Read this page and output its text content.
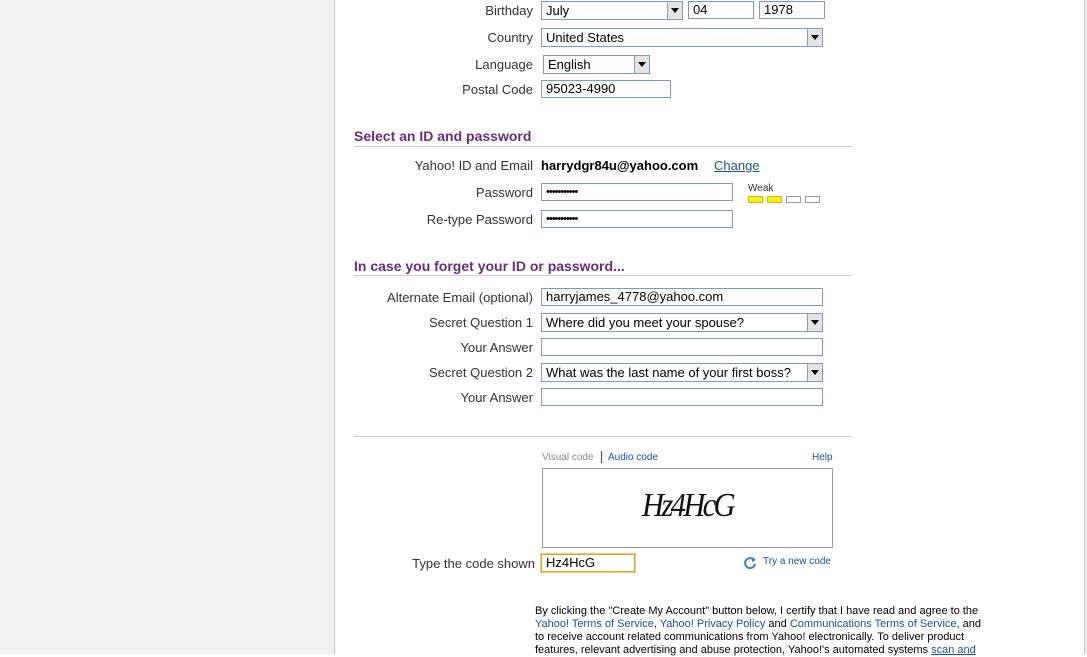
Birthday	July	04	1978
Country	United States
Language	English
Postal Code	95023-4990
Select an ID and password
Yahoo! ID and Email harrydgr84u@yahoo.com Change
Password	•••••••••••	Weak
Re-type Password	•••••••••••
In case you forget your ID or password...
Alternate Email (optional)	harryjames_4778@yahoo.com
Secret Question 1	Where did you meet your spouse?
Your Answer
Secret Question 2	What was the last name of your first boss?
Your Answer
Visual code Audio code	Help
Hz4HcG
Type the code shown Hz4HcG	Try a new code
By clicking the "Create My Account" button below, I certify that I have read and agree to the Yahoo! Terms of Service, Yahoo! Privacy Policy and Communications Terms of Service, and to receive account related communications from Yahoo! electronically. To deliver product features, relevant advertising and abuse protection, Yahoo!'s automated systems scan and
